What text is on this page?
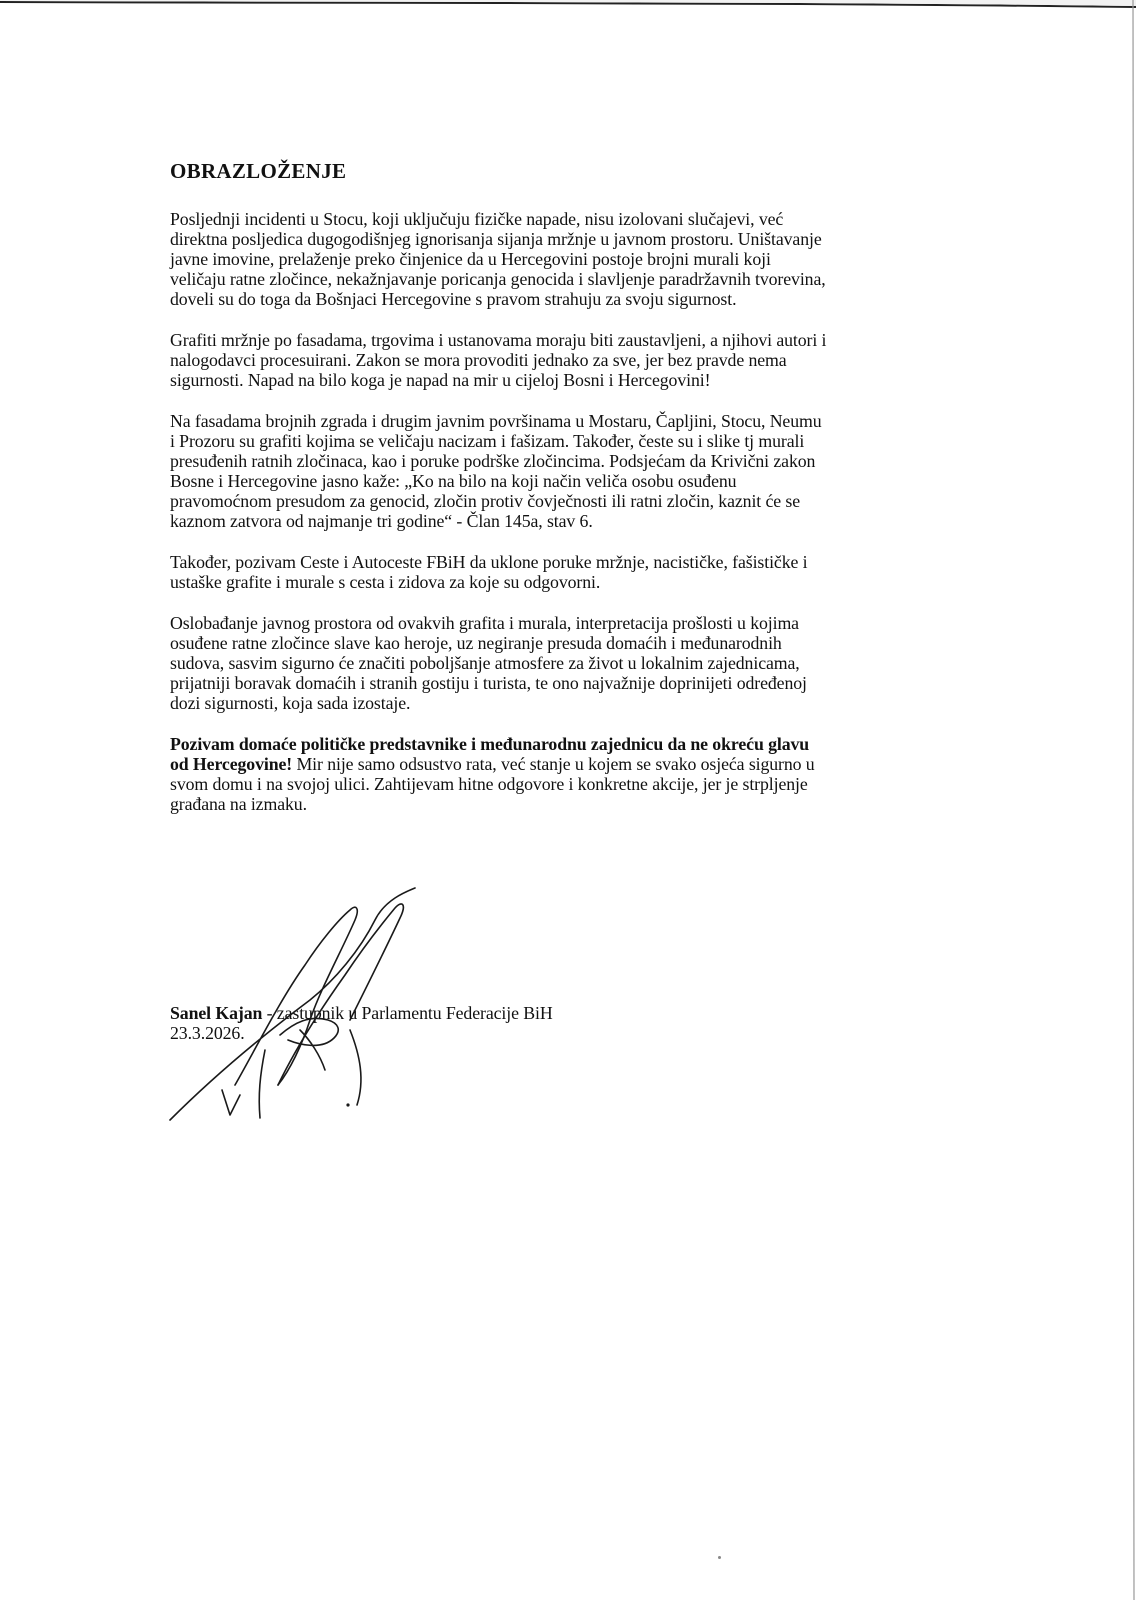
OBRAZLOŽENJE
Posljednji incidenti u Stocu, koji uključuju fizičke napade, nisu izolovani slučajevi, već
direktna posljedica dugogodišnjeg ignorisanja sijanja mržnje u javnom prostoru. Uništavanje
javne imovine, prelaženje preko činjenice da u Hercegovini postoje brojni murali koji
veličaju ratne zločince, nekažnjavanje poricanja genocida i slavljenje paradržavnih tvorevina,
doveli su do toga da Bošnjaci Hercegovine s pravom strahuju za svoju sigurnost.
Grafiti mržnje po fasadama, trgovima i ustanovama moraju biti zaustavljeni, a njihovi autori i
nalogodavci procesuirani. Zakon se mora provoditi jednako za sve, jer bez pravde nema
sigurnosti. Napad na bilo koga je napad na mir u cijeloj Bosni i Hercegovini!
Na fasadama brojnih zgrada i drugim javnim površinama u Mostaru, Čapljini, Stocu, Neumu
i Prozoru su grafiti kojima se veličaju nacizam i fašizam. Također, česte su i slike tj murali
presuđenih ratnih zločinaca, kao i poruke podrške zločincima. Podsjećam da Krivični zakon
Bosne i Hercegovine jasno kaže: „Ko na bilo na koji način veliča osobu osuđenu
pravomoćnom presudom za genocid, zločin protiv čovječnosti ili ratni zločin, kaznit će se
kaznom zatvora od najmanje tri godine“ - Član 145a, stav 6.
Također, pozivam Ceste i Autoceste FBiH da uklone poruke mržnje, nacističke, fašističke i
ustaške grafite i murale s cesta i zidova za koje su odgovorni.
Oslobađanje javnog prostora od ovakvih grafita i murala, interpretacija prošlosti u kojima
osuđene ratne zločince slave kao heroje, uz negiranje presuda domaćih i međunarodnih
sudova, sasvim sigurno će značiti poboljšanje atmosfere za život u lokalnim zajednicama,
prijatniji boravak domaćih i stranih gostiju i turista, te ono najvažnije doprinijeti određenoj
dozi sigurnosti, koja sada izostaje.
Pozivam domaće političke predstavnike i međunarodnu zajednicu da ne okreću glavu
od Hercegovine! Mir nije samo odsustvo rata, već stanje u kojem se svako osjeća sigurno u
svom domu i na svojoj ulici. Zahtijevam hitne odgovore i konkretne akcije, jer je strpljenje
građana na izmaku.
Sanel Kajan - zastupnik u Parlamentu Federacije BiH
23.3.2026.
